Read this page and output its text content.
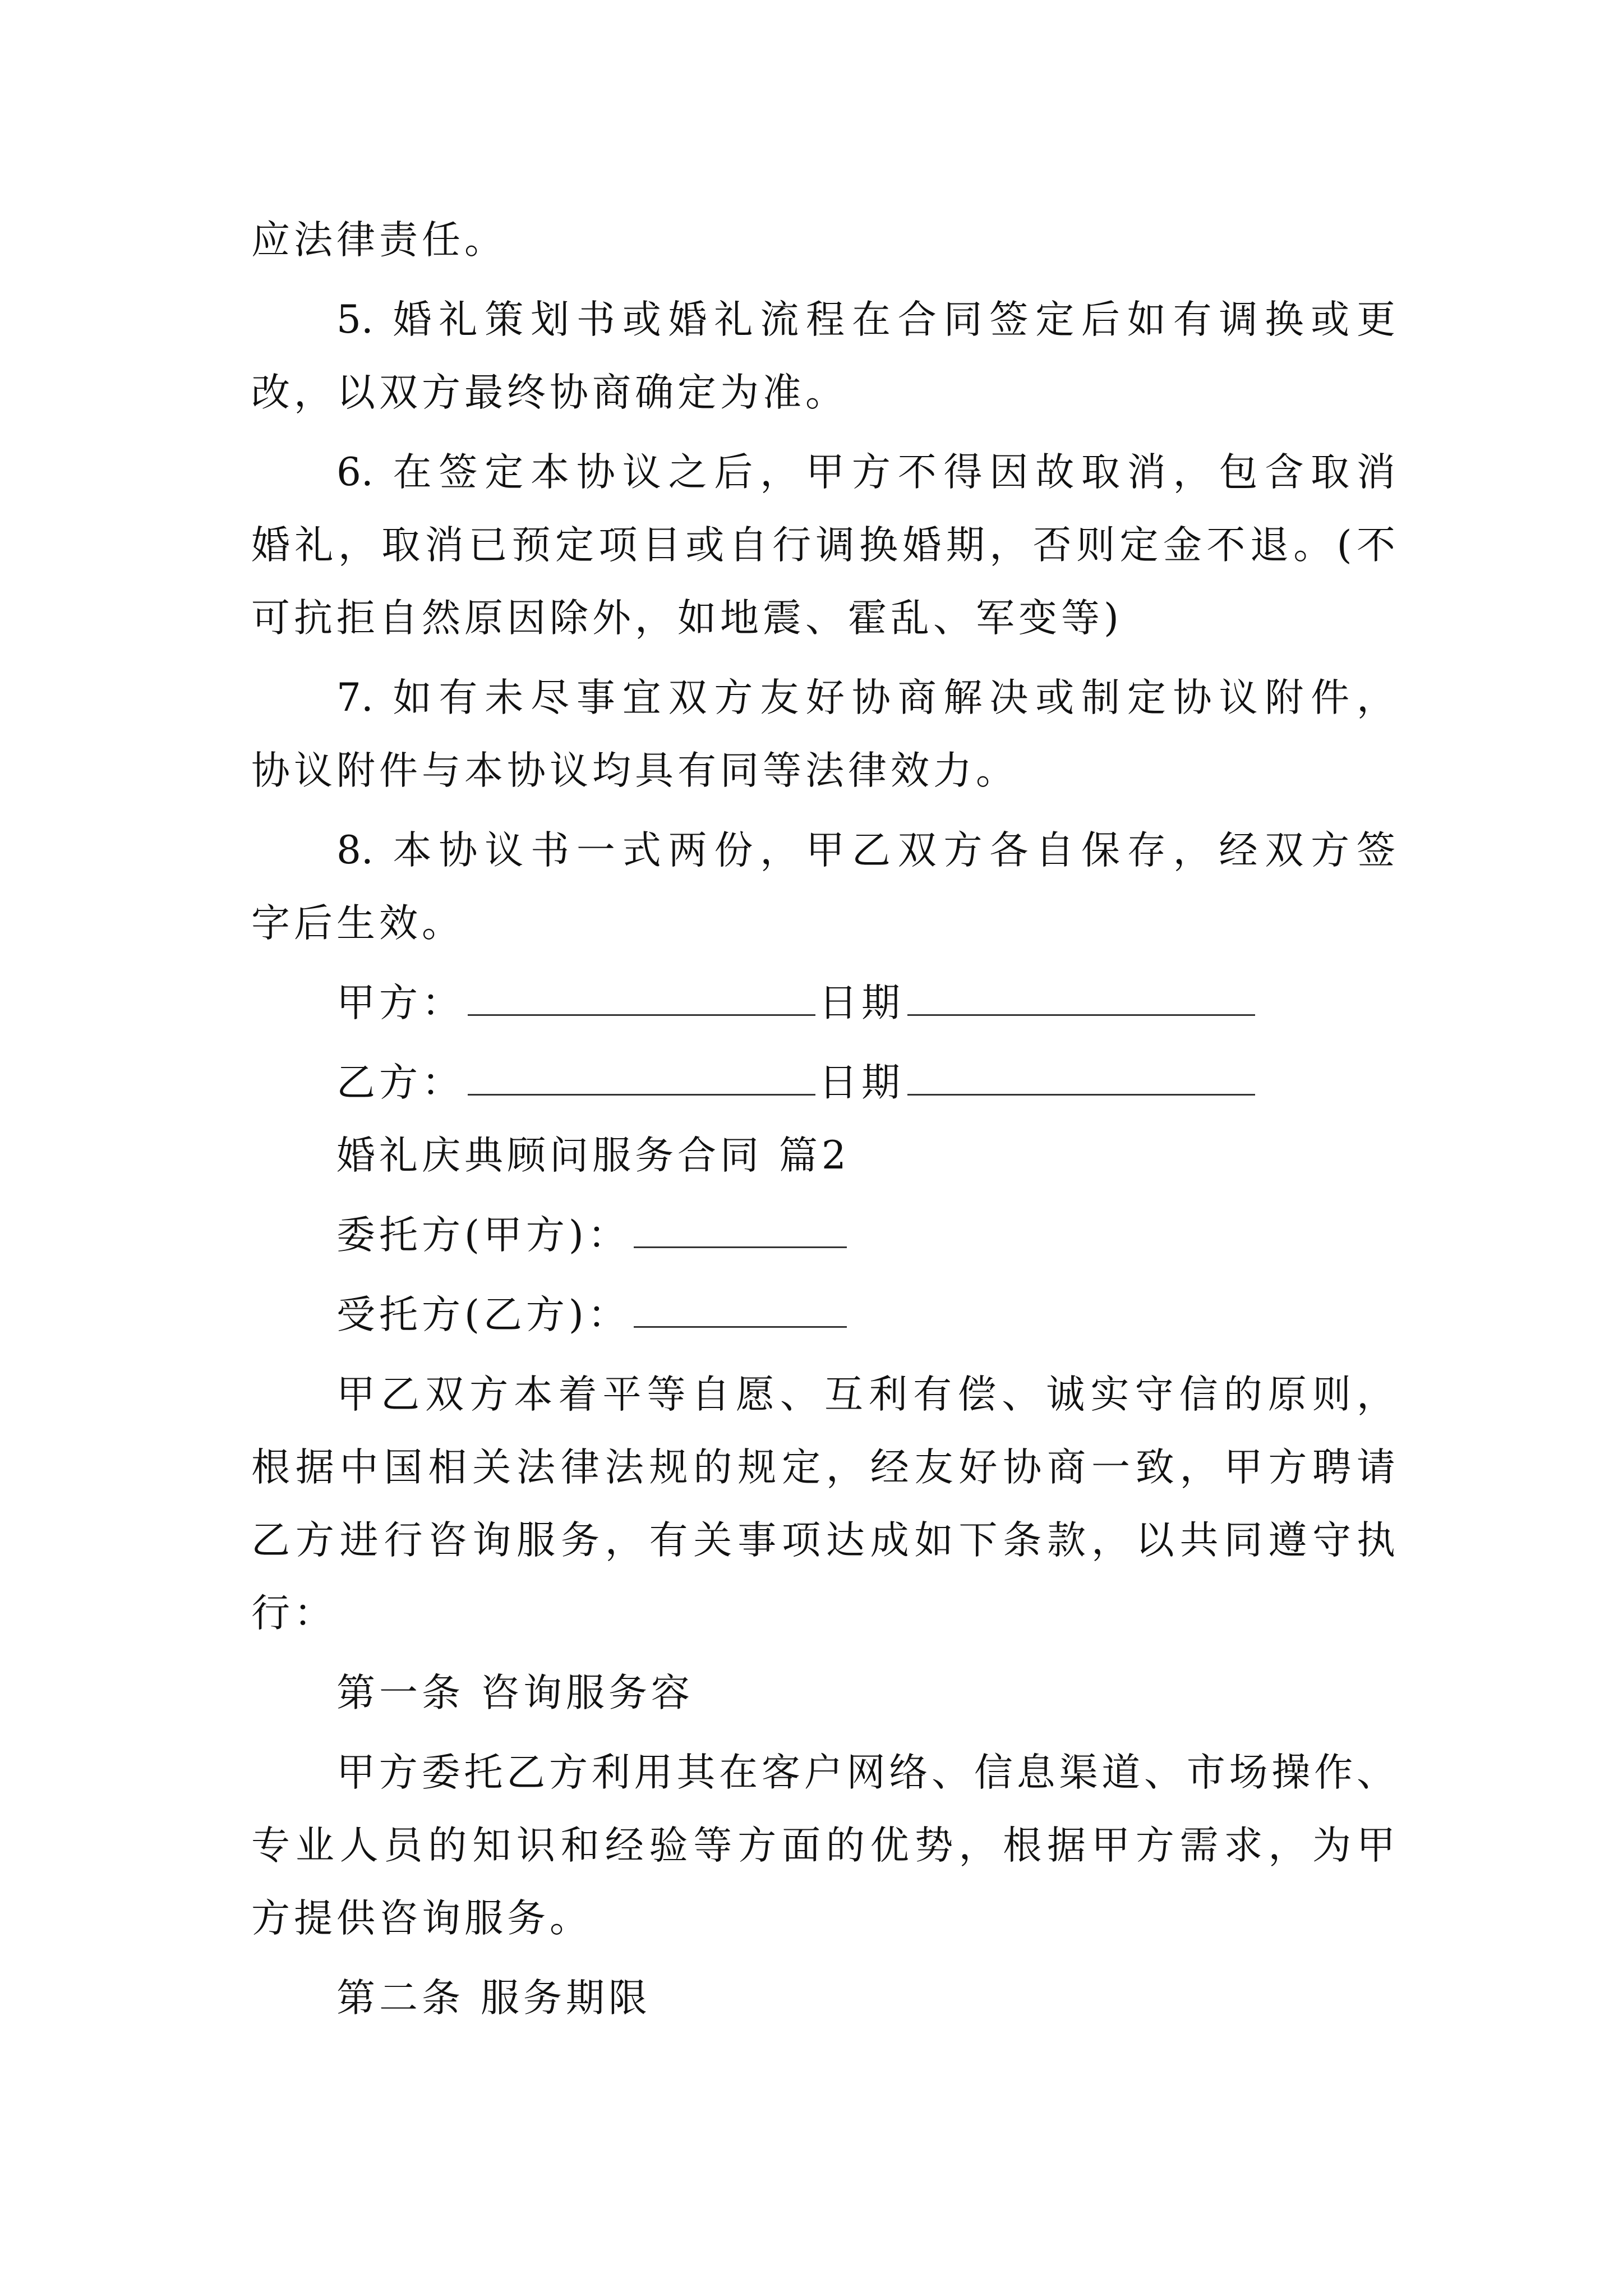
应法律责任。
5. 婚礼策划书或婚礼流程在合同签定后如有调换或更
改，以双方最终协商确定为准。
6. 在签定本协议之后，甲方不得因故取消，包含取消
婚礼，取消已预定项目或自行调换婚期，否则定金不退。(不
可抗拒自然原因除外，如地震、霍乱、军变等)
7. 如有未尽事宜双方友好协商解决或制定协议附件，
协议附件与本协议均具有同等法律效力。
8. 本协议书一式两份，甲乙双方各自保存，经双方签
字后生效。
甲方：	日期
乙方：	日期
婚礼庆典顾问服务合同 篇2
委托方(甲方)：
受托方(乙方)：
甲乙双方本着平等自愿、互利有偿、诚实守信的原则，
根据中国相关法律法规的规定，经友好协商一致，甲方聘请
乙方进行咨询服务，有关事项达成如下条款，以共同遵守执
行：
第一条 咨询服务容
甲方委托乙方利用其在客户网络、信息渠道、市场操作、
专业人员的知识和经验等方面的优势，根据甲方需求，为甲
方提供咨询服务。
第二条 服务期限
